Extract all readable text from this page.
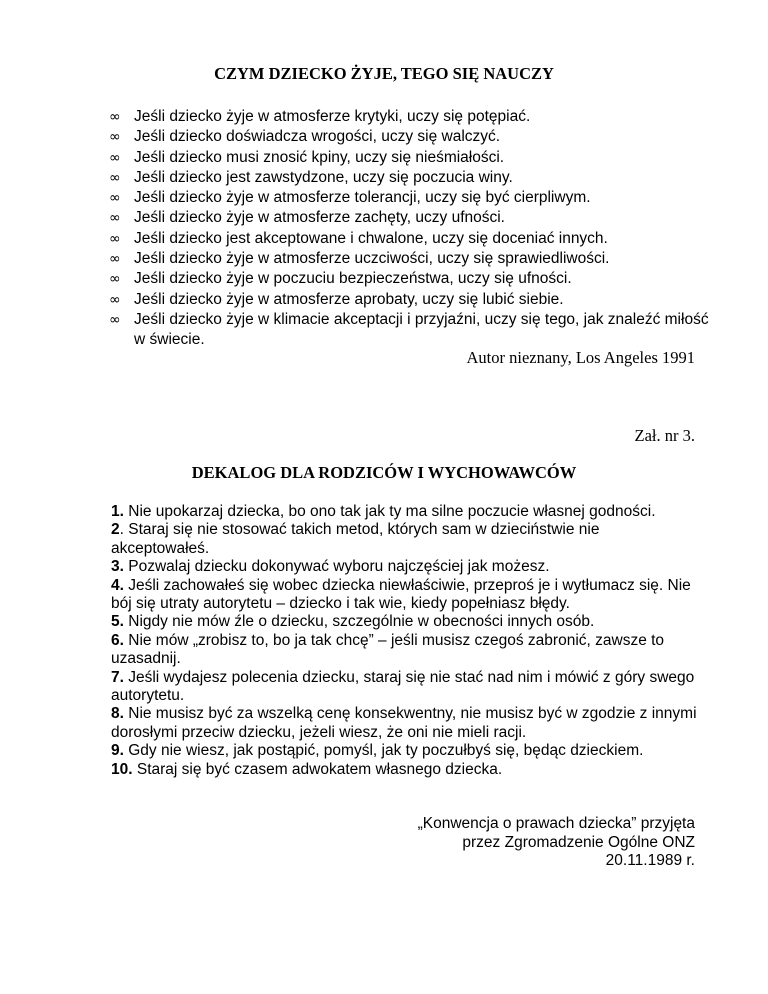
CZYM DZIECKO ŻYJE, TEGO SIĘ NAUCZY
∞ Jeśli dziecko żyje w atmosferze krytyki, uczy się potępiać.
∞ Jeśli dziecko doświadcza wrogości, uczy się walczyć.
∞ Jeśli dziecko musi znosić kpiny, uczy się nieśmiałości.
∞ Jeśli dziecko jest zawstydzone, uczy się poczucia winy.
∞ Jeśli dziecko żyje w atmosferze tolerancji, uczy się być cierpliwym.
∞ Jeśli dziecko żyje w atmosferze zachęty, uczy ufności.
∞ Jeśli dziecko jest akceptowane i chwalone, uczy się doceniać innych.
∞ Jeśli dziecko żyje w atmosferze uczciwości, uczy się sprawiedliwości.
∞ Jeśli dziecko żyje w poczuciu bezpieczeństwa, uczy się ufności.
∞ Jeśli dziecko żyje w atmosferze aprobaty, uczy się lubić siebie.
∞ Jeśli dziecko żyje w klimacie akceptacji i przyjaźni, uczy się tego, jak znaleźć miłość w świecie.
Autor nieznany, Los Angeles 1991
Zał. nr 3.
DEKALOG DLA RODZICÓW I WYCHOWAWCÓW
1. Nie upokarzaj dziecka, bo ono tak jak ty ma silne poczucie własnej godności.
2. Staraj się nie stosować takich metod, których sam w dzieciństwie nie akceptowałeś.
3. Pozwalaj dziecku dokonywać wyboru najczęściej jak możesz.
4. Jeśli zachowałeś się wobec dziecka niewłaściwie, przeproś je i wytłumacz się. Nie bój się utraty autorytetu – dziecko i tak wie, kiedy popełniasz błędy.
5. Nigdy nie mów źle o dziecku, szczególnie w obecności innych osób.
6. Nie mów „zrobisz to, bo ja tak chcę” – jeśli musisz czegoś zabronić, zawsze to uzasadnij.
7. Jeśli wydajesz polecenia dziecku, staraj się nie stać nad nim i mówić z góry swego autorytetu.
8. Nie musisz być za wszelką cenę konsekwentny, nie musisz być w zgodzie z innymi dorosłymi przeciw dziecku, jeżeli wiesz, że oni nie mieli racji.
9. Gdy nie wiesz, jak postąpić, pomyśl, jak ty poczułbyś się, będąc dzieckiem.
10. Staraj się być czasem adwokatem własnego dziecka.
„Konwencja o prawach dziecka” przyjęta
przez Zgromadzenie Ogólne ONZ
20.11.1989 r.
